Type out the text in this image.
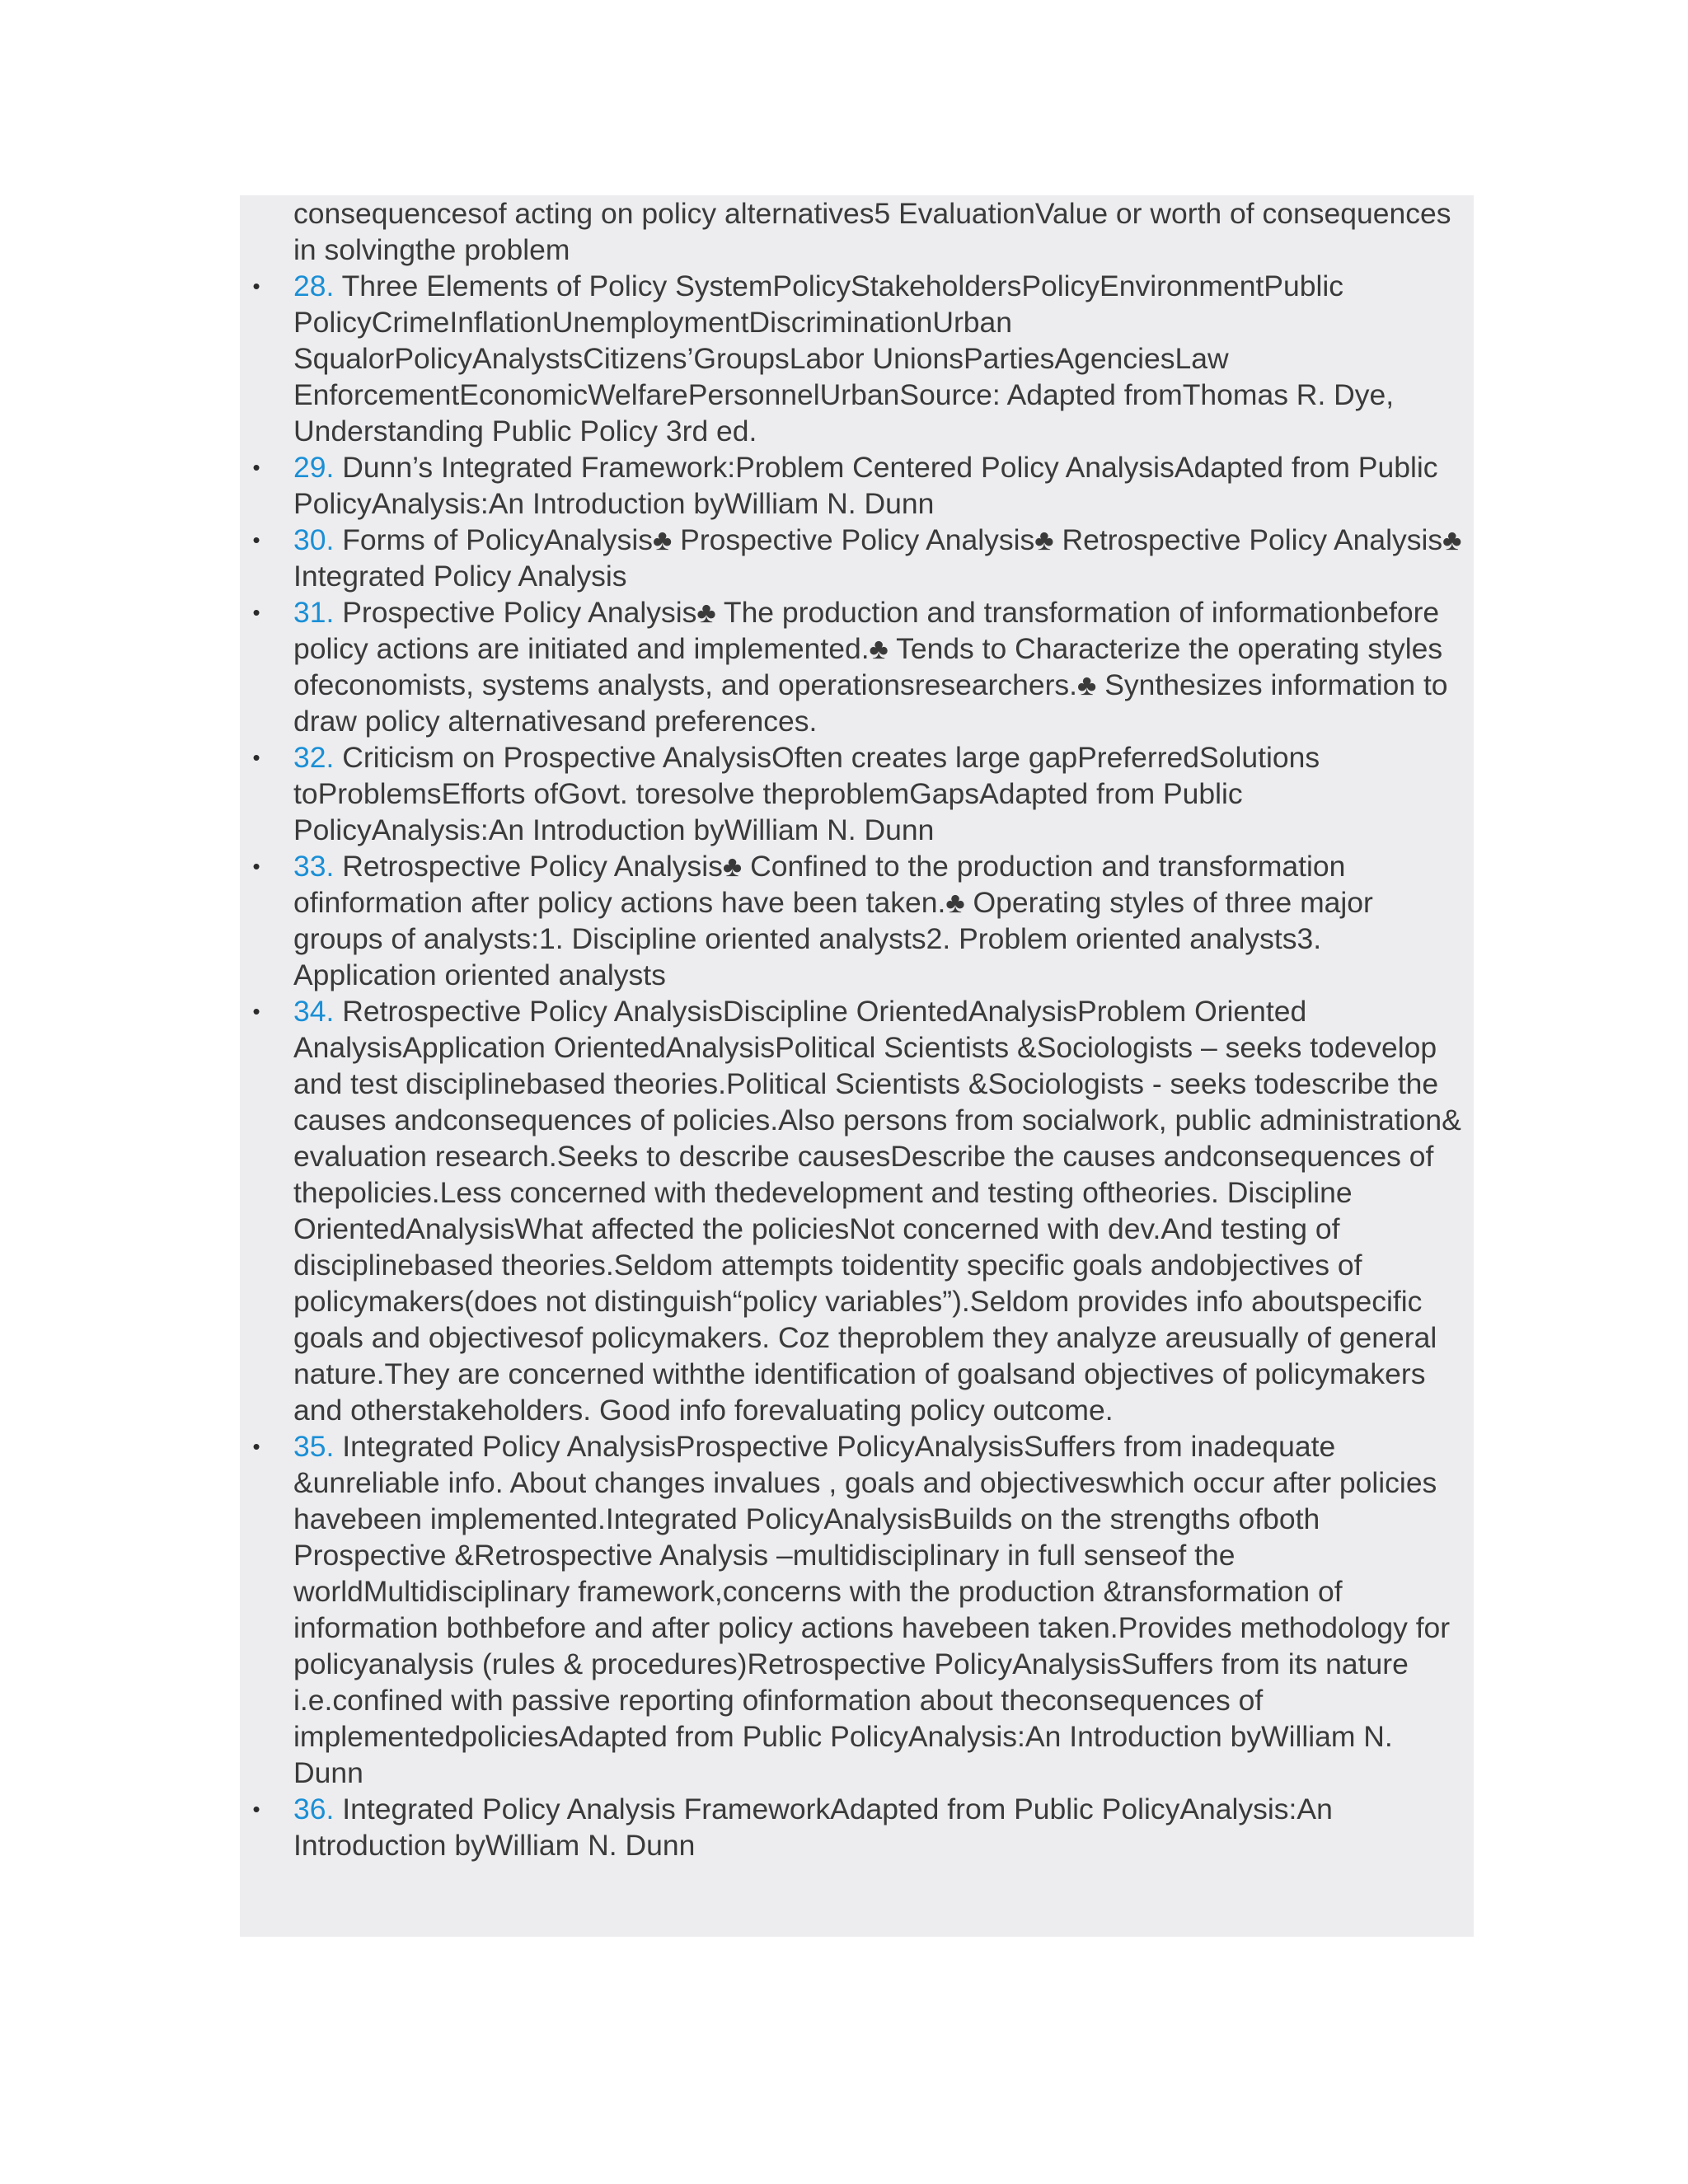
consequencesof acting on policy alternatives5 EvaluationValue or worth of consequences in solvingthe problem

• 28. Three Elements of Policy SystemPolicyStakeholdersPolicyEnvironmentPublic PolicyCrimeInflationUnemploymentDiscriminationUrban SqualorPolicyAnalystsCitizens’GroupsLabor UnionsPartiesAgenciesLaw EnforcementEconomicWelfarePersonnelUrbanSource: Adapted fromThomas R. Dye, Understanding Public Policy 3rd ed.
• 29. Dunn’s Integrated Framework:Problem Centered Policy AnalysisAdapted from Public PolicyAnalysis:An Introduction byWilliam N. Dunn
• 30. Forms of PolicyAnalysis♣ Prospective Policy Analysis♣ Retrospective Policy Analysis♣ Integrated Policy Analysis
• 31. Prospective Policy Analysis♣ The production and transformation of informationbefore policy actions are initiated and implemented.♣ Tends to Characterize the operating styles ofeconomists, systems analysts, and operationsresearchers.♣ Synthesizes information to draw policy alternativesand preferences.
• 32. Criticism on Prospective AnalysisOften creates large gapPreferredSolutions toProblemsEfforts ofGovt. toresolve theproblemGapsAdapted from Public PolicyAnalysis:An Introduction byWilliam N. Dunn
• 33. Retrospective Policy Analysis♣ Confined to the production and transformation ofinformation after policy actions have been taken.♣ Operating styles of three major groups of analysts:1. Discipline oriented analysts2. Problem oriented analysts3. Application oriented analysts
• 34. Retrospective Policy AnalysisDiscipline OrientedAnalysisProblem Oriented AnalysisApplication OrientedAnalysisPolitical Scientists &Sociologists – seeks todevelop and test disciplinebased theories.Political Scientists &Sociologists - seeks todescribe the causes andconsequences of policies.Also persons from socialwork, public administration& evaluation research.Seeks to describe causesDescribe the causes andconsequences of thepolicies.Less concerned with thedevelopment and testing oftheories. Discipline OrientedAnalysisWhat affected the policiesNot concerned with dev.And testing of disciplinebased theories.Seldom attempts toidentity specific goals andobjectives of policymakers(does not distinguish“policy variables”).Seldom provides info aboutspecific goals and objectivesof policymakers. Coz theproblem they analyze areusually of general nature.They are concerned withthe identification of goalsand objectives of policymakers and otherstakeholders. Good info forevaluating policy outcome.
• 35. Integrated Policy AnalysisProspective PolicyAnalysisSuffers from inadequate &unreliable info. About changes invalues , goals and objectiveswhich occur after policies havebeen implemented.Integrated PolicyAnalysisBuilds on the strengths ofboth Prospective &Retrospective Analysis –multidisciplinary in full senseof the worldMultidisciplinary framework,concerns with the production &transformation of information bothbefore and after policy actions havebeen taken.Provides methodology for policyanalysis (rules & procedures)Retrospective PolicyAnalysisSuffers from its nature i.e.confined with passive reporting ofinformation about theconsequences of implementedpoliciesAdapted from Public PolicyAnalysis:An Introduction byWilliam N. Dunn
• 36. Integrated Policy Analysis FrameworkAdapted from Public PolicyAnalysis:An Introduction byWilliam N. Dunn
